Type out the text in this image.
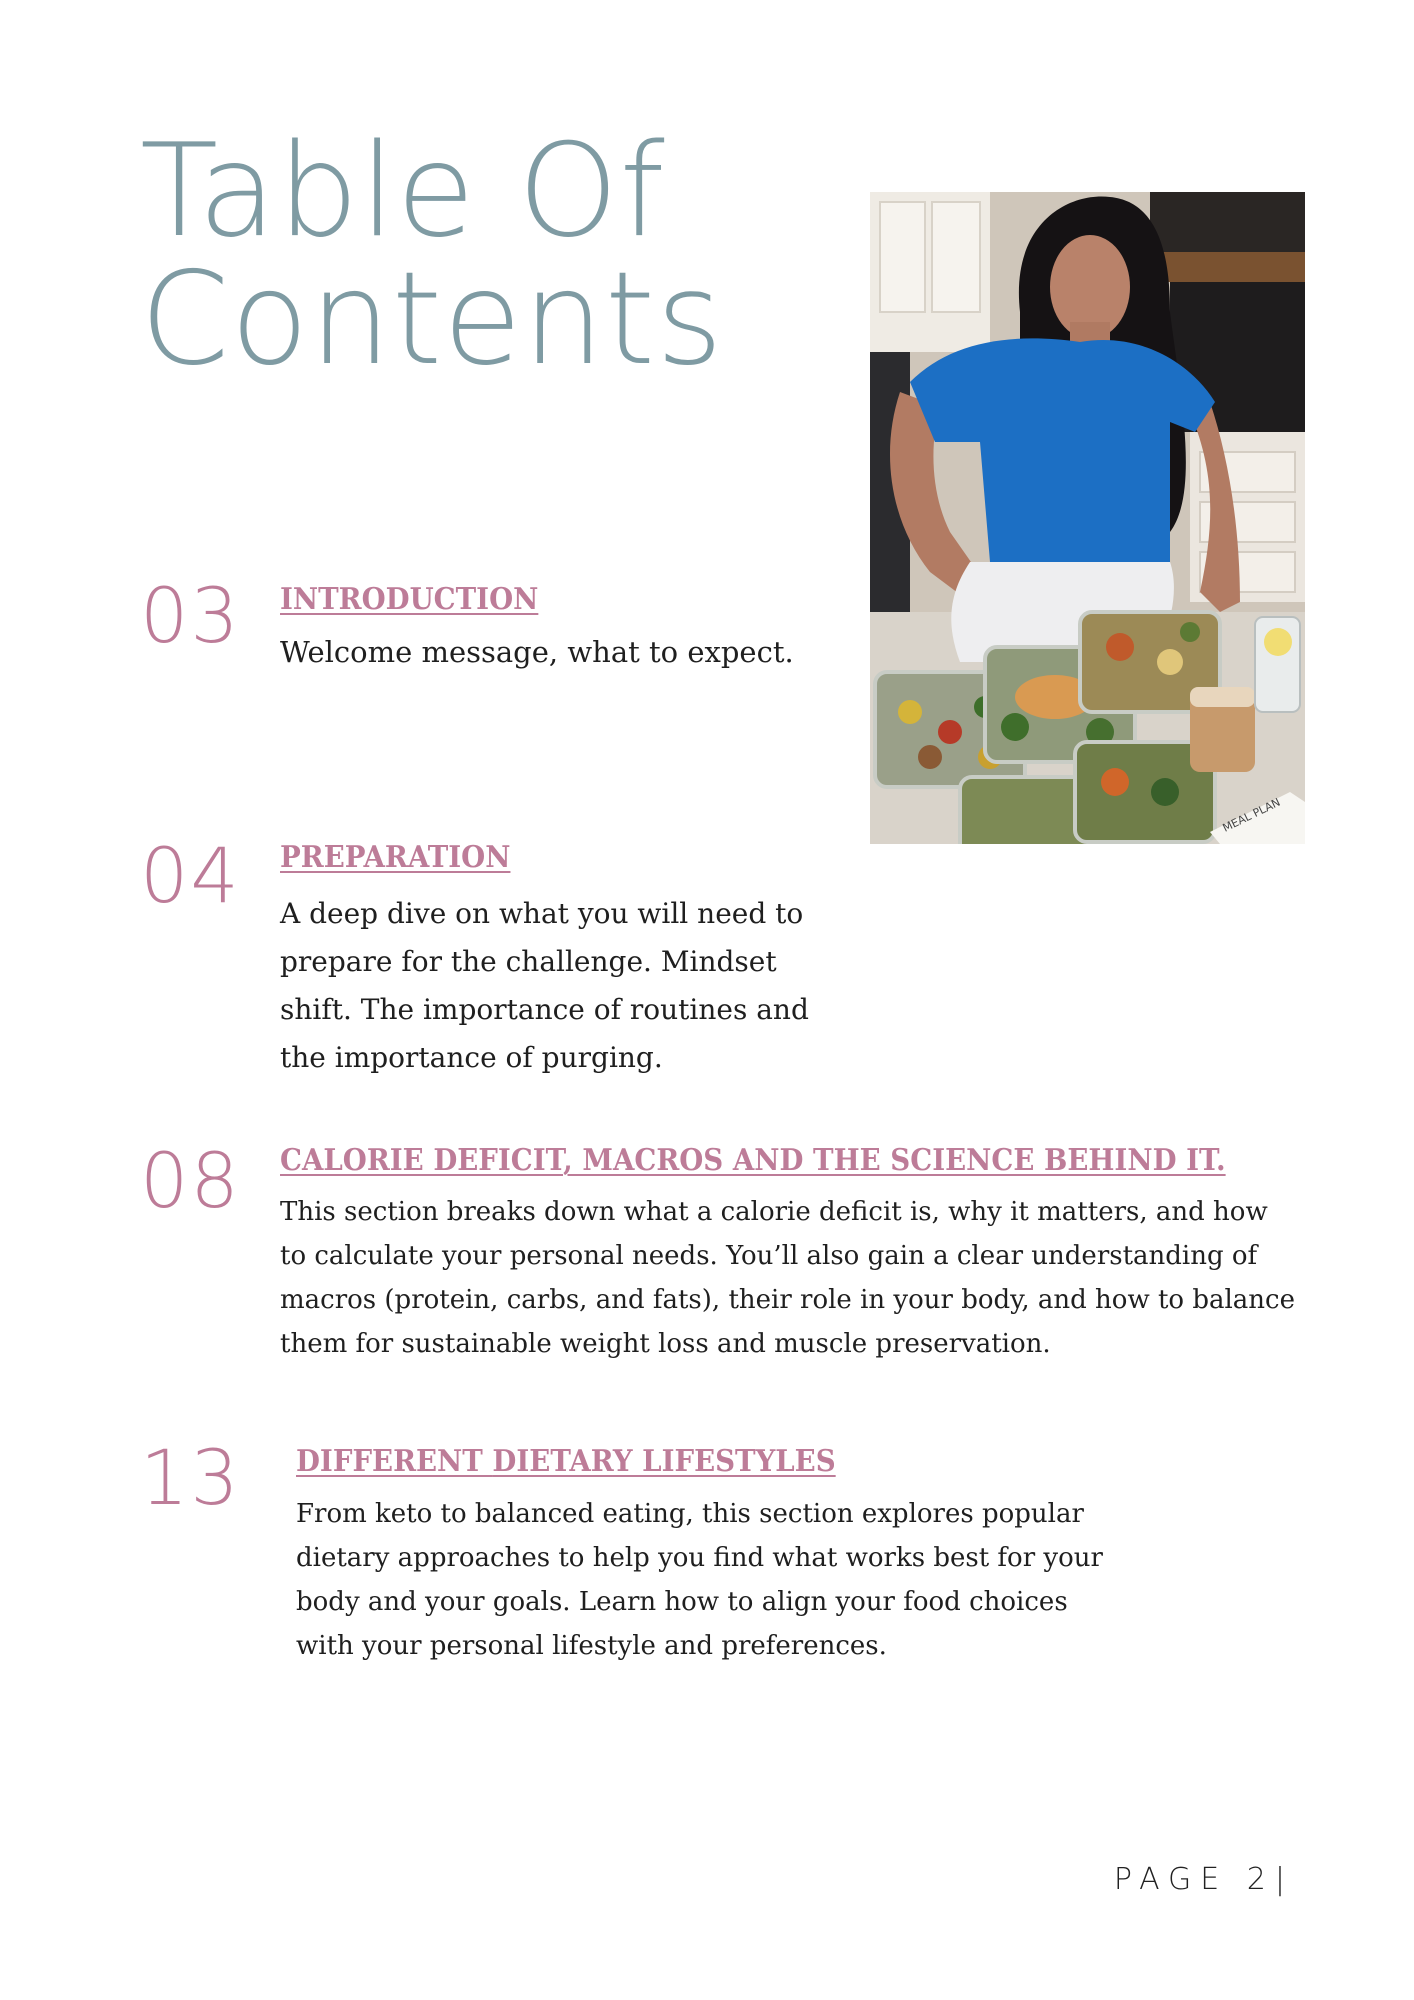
Table Of
Contents
MEAL PLAN
03 INTRODUCTION

Welcome message, what to expect.

04 PREPARATION

A deep dive on what you will need to prepare for the challenge. Mindset shift. The importance of routines and the importance of purging.

08 CALORIE DEFICIT, MACROS AND THE SCIENCE BEHIND IT.

This section breaks down what a calorie deficit is, why it matters, and how to calculate your personal needs. You’ll also gain a clear understanding of macros (protein, carbs, and fats), their role in your body, and how to balance them for sustainable weight loss and muscle preservation.

13 DIFFERENT DIETARY LIFESTYLES

From keto to balanced eating, this section explores popular dietary approaches to help you find what works best for your body and your goals. Learn how to align your food choices with your personal lifestyle and preferences.

PAGE 2|
